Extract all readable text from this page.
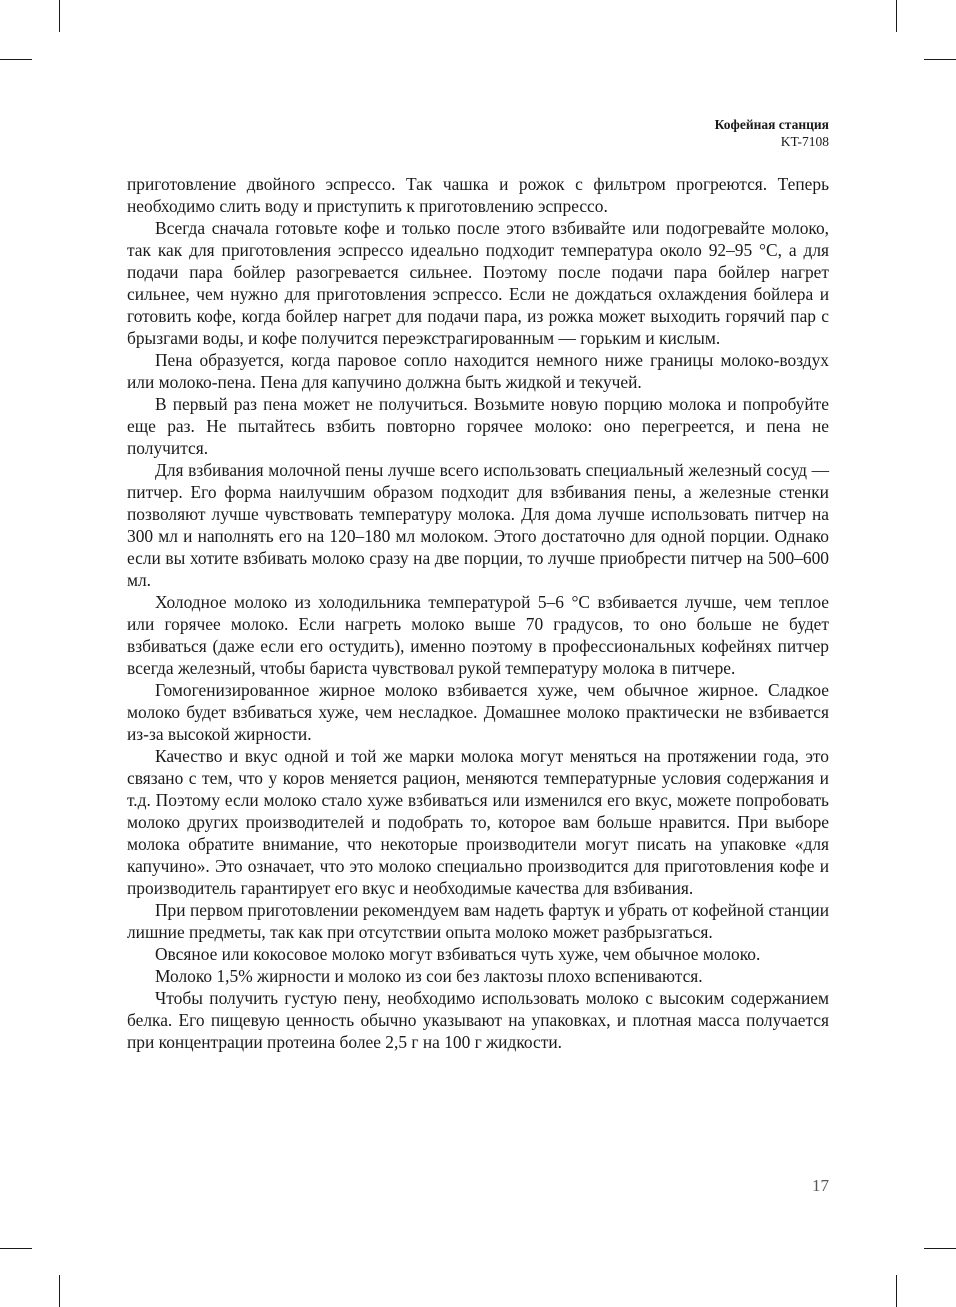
Кофейная станция
KT-7108

приготовление двойного эспрессо. Так чашка и рожок с фильтром прогреются. Теперь необходимо слить воду и приступить к приготовлению эспрессо.

Всегда сначала готовьте кофе и только после этого взбивайте или подогревайте молоко, так как для приготовления эспрессо идеально подходит температура около 92–95 °С, а для подачи пара бойлер разогревается сильнее. Поэтому после подачи пара бойлер нагрет сильнее, чем нужно для приготовления эспрессо. Если не дождаться охлаждения бойлера и готовить кофе, когда бойлер нагрет для подачи пара, из рожка может выходить горячий пар с брызгами воды, и кофе получится переэкстрагированным — горьким и кислым.

Пена образуется, когда паровое сопло находится немного ниже границы молоко-воздух или молоко-пена. Пена для капучино должна быть жидкой и текучей.

В первый раз пена может не получиться. Возьмите новую порцию молока и попробуйте еще раз. Не пытайтесь взбить повторно горячее молоко: оно перегреется, и пена не получится.

Для взбивания молочной пены лучше всего использовать специальный железный сосуд — питчер. Его форма наилучшим образом подходит для взбивания пены, а железные стенки позволяют лучше чувствовать температуру молока. Для дома лучше использовать питчер на 300 мл и наполнять его на 120–180 мл молоком. Этого достаточно для одной порции. Однако если вы хотите взбивать молоко сразу на две порции, то лучше приобрести питчер на 500–600 мл.

Холодное молоко из холодильника температурой 5–6 °С взбивается лучше, чем теплое или горячее молоко. Если нагреть молоко выше 70 градусов, то оно больше не будет взбиваться (даже если его остудить), именно поэтому в профессиональных кофейнях питчер всегда железный, чтобы бариста чувствовал рукой температуру молока в питчере.

Гомогенизированное жирное молоко взбивается хуже, чем обычное жирное. Сладкое молоко будет взбиваться хуже, чем несладкое. Домашнее молоко практически не взбивается из-за высокой жирности.

Качество и вкус одной и той же марки молока могут меняться на протяжении года, это связано с тем, что у коров меняется рацион, меняются температурные условия содержания и т.д. Поэтому если молоко стало хуже взбиваться или изменился его вкус, можете попробовать молоко других производителей и подобрать то, которое вам больше нравится. При выборе молока обратите внимание, что некоторые производители могут писать на упаковке «для капучино». Это означает, что это молоко специально производится для приготовления кофе и производитель гарантирует его вкус и необходимые качества для взбивания.

При первом приготовлении рекомендуем вам надеть фартук и убрать от кофейной станции лишние предметы, так как при отсутствии опыта молоко может разбрызгаться.

Овсяное или кокосовое молоко могут взбиваться чуть хуже, чем обычное молоко.

Молоко 1,5% жирности и молоко из сои без лактозы плохо вспениваются.

Чтобы получить густую пену, необходимо использовать молоко с высоким содержанием белка. Его пищевую ценность обычно указывают на упаковках, и плотная масса получается при концентрации протеина более 2,5 г на 100 г жидкости.

17
